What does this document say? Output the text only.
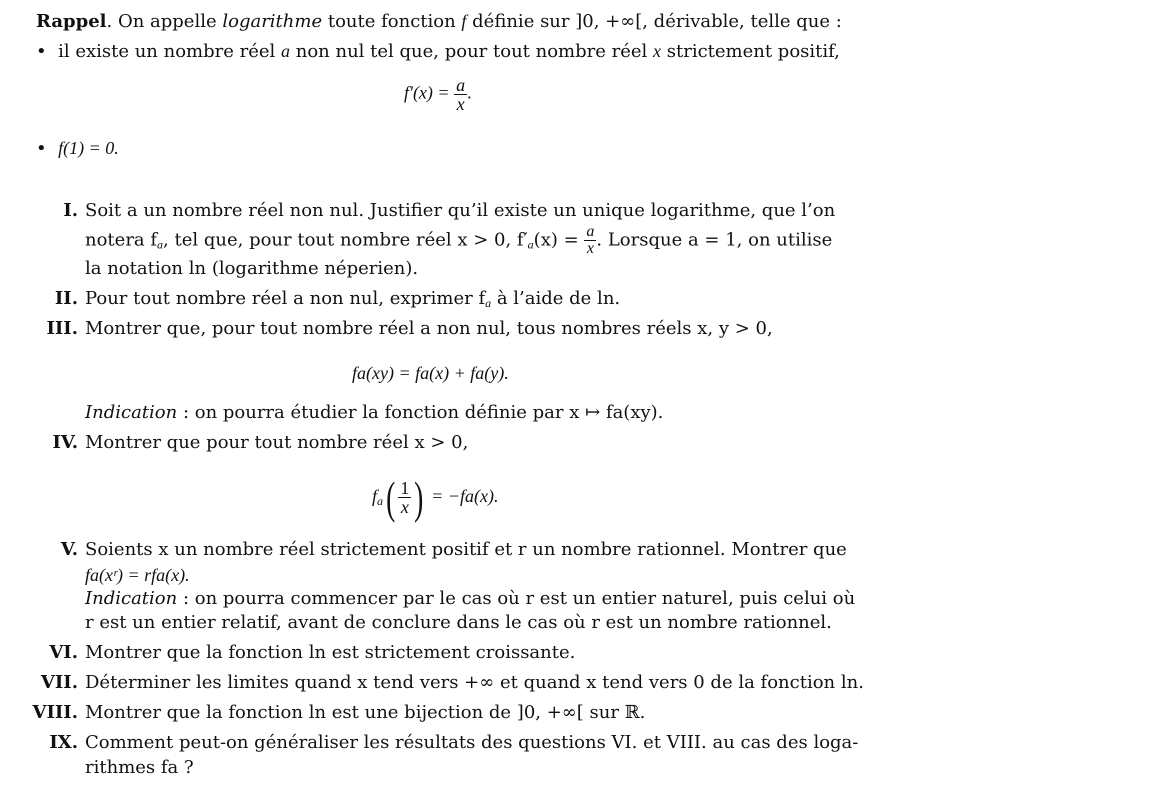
Rappel. On appelle logarithme toute fonction f définie sur ]0, +∞[, dérivable, telle que :
• il existe un nombre réel a non nul tel que, pour tout nombre réel x strictement positif,
$f'(x) = \frac{a}{x}$ .
• f(1) = 0.
I. Soit a un nombre réel non nul. Justifier qu’il existe un unique logarithme, que l’on
notera $f_a$, tel que, pour tout nombre réel x > 0, $f'_a(x) = \frac{a}{x}$ . Lorsque a = 1, on utilise
la notation ln (logarithme néperien).
II. Pour tout nombre réel a non nul, exprimer $f_a$ à l’aide de ln.
III. Montrer que, pour tout nombre réel a non nul, tous nombres réels x, y > 0,
fa(xy) = fa(x) + fa(y).
Indication : on pourra étudier la fonction définie par x ↦ fa(xy).
IV. Montrer que pour tout nombre réel x > 0,
$f_a( \frac{1}{x}$ ) = −fa(x).
V. Soients x un nombre réel strictement positif et r un nombre rationnel. Montrer que
fa(xʳ) = rfa(x).
Indication : on pourra commencer par le cas où r est un entier naturel, puis celui où
r est un entier relatif, avant de conclure dans le cas où r est un nombre rationnel.
VI. Montrer que la fonction ln est strictement croissante.
VII. Déterminer les limites quand x tend vers +∞ et quand x tend vers 0 de la fonction ln.
VIII. Montrer que la fonction ln est une bijection de ]0, +∞[ sur ℝ.
IX. Comment peut-on généraliser les résultats des questions VI. et VIII. au cas des loga-
rithmes fa ?
